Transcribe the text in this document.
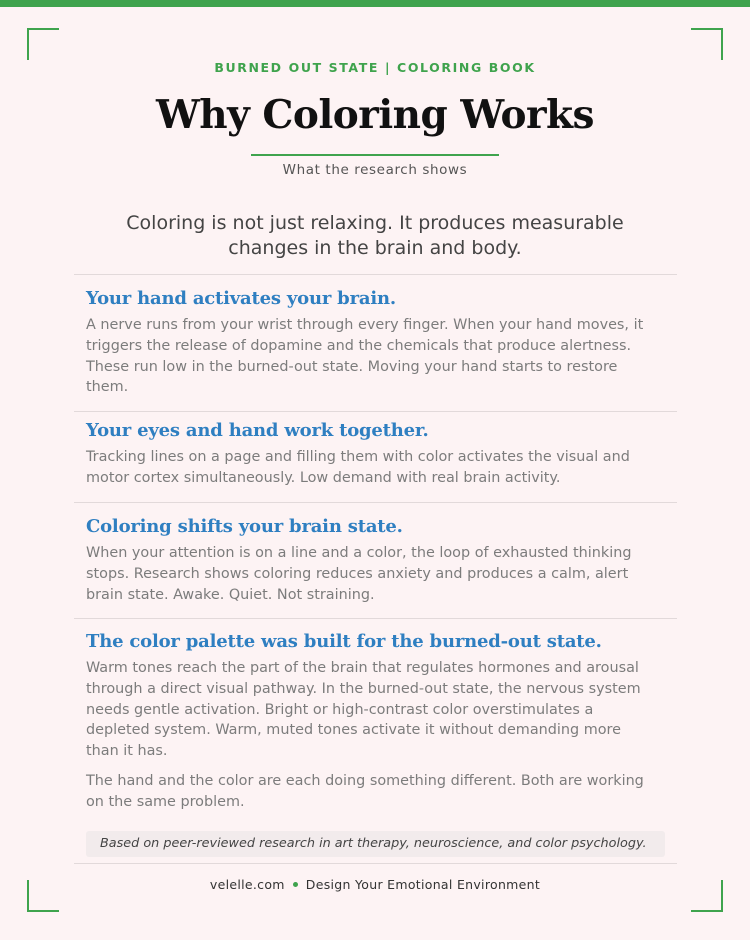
BURNED OUT STATE | COLORING BOOK
Why Coloring Works
What the research shows

Coloring is not just relaxing. It produces measurable changes in the brain and body.

Your hand activates your brain.

A nerve runs from your wrist through every finger. When your hand moves, it triggers the release of dopamine and the chemicals that produce alertness. These run low in the burned-out state. Moving your hand starts to restore them.

Your eyes and hand work together.

Tracking lines on a page and filling them with color activates the visual and motor cortex simultaneously. Low demand with real brain activity.

Coloring shifts your brain state.

When your attention is on a line and a color, the loop of exhausted thinking stops. Research shows coloring reduces anxiety and produces a calm, alert brain state. Awake. Quiet. Not straining.

The color palette was built for the burned-out state.

Warm tones reach the part of the brain that regulates hormones and arousal through a direct visual pathway. In the burned-out state, the nervous system needs gentle activation. Bright or high-contrast color overstimulates a depleted system. Warm, muted tones activate it without demanding more than it has.

The hand and the color are each doing something different. Both are working on the same problem.

Based on peer-reviewed research in art therapy, neuroscience, and color psychology.
velelle.com Design Your Emotional Environment
